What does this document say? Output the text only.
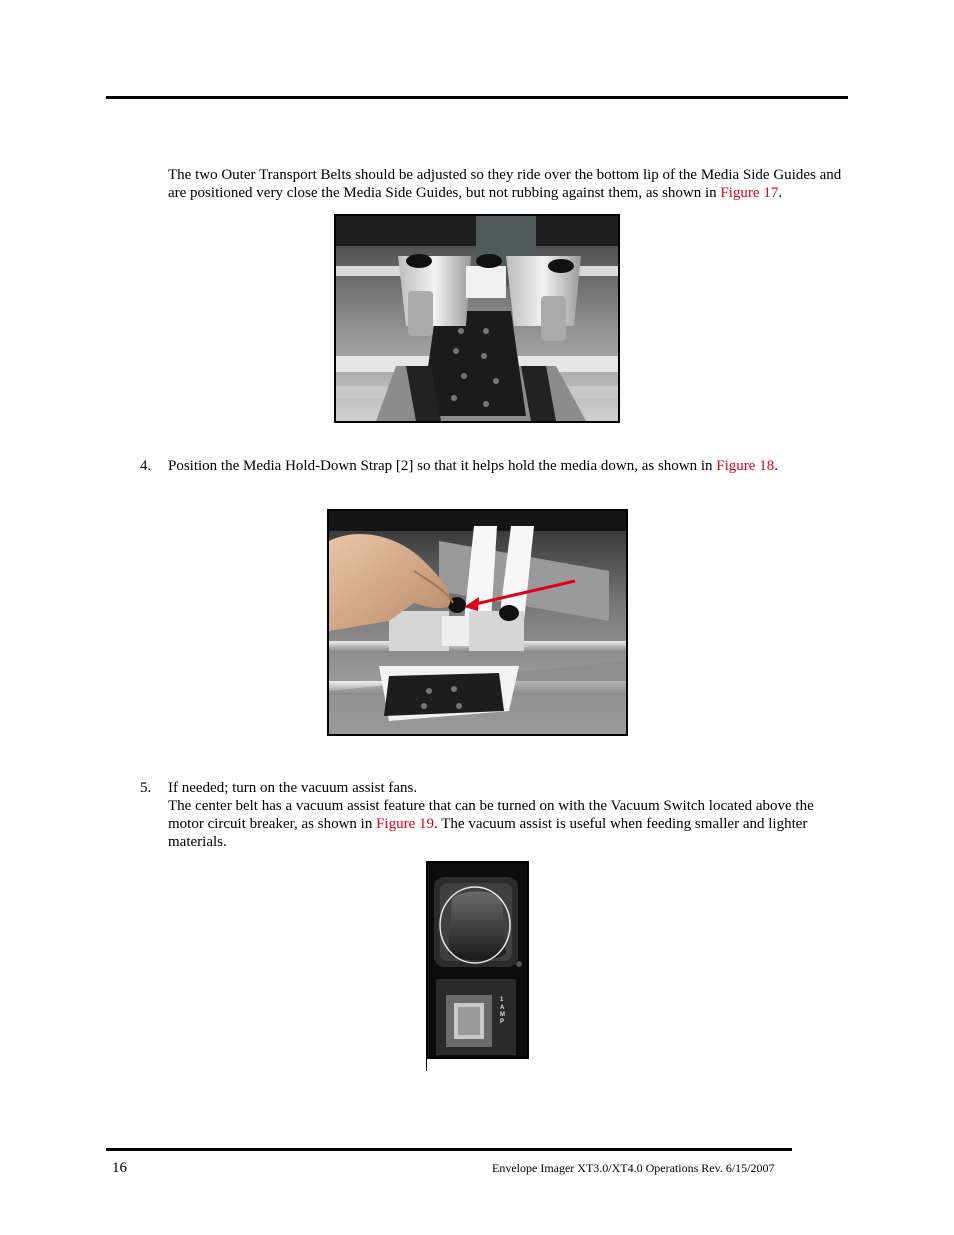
The two Outer Transport Belts should be adjusted so they ride over the bottom lip of the Media Side Guides and are positioned very close the Media Side Guides, but not rubbing against them, as shown in Figure 17.
4. Position the Media Hold-Down Strap [2] so that it helps hold the media down, as shown in Figure 18.
5. If needed; turn on the vacuum assist fans.
The center belt has a vacuum assist feature that can be turned on with the Vacuum Switch located above the motor circuit breaker, as shown in Figure 19. The vacuum assist is useful when feeding smaller and lighter materials.
1 A M P
16	Envelope Imager XT3.0/XT4.0 Operations Rev. 6/15/2007
